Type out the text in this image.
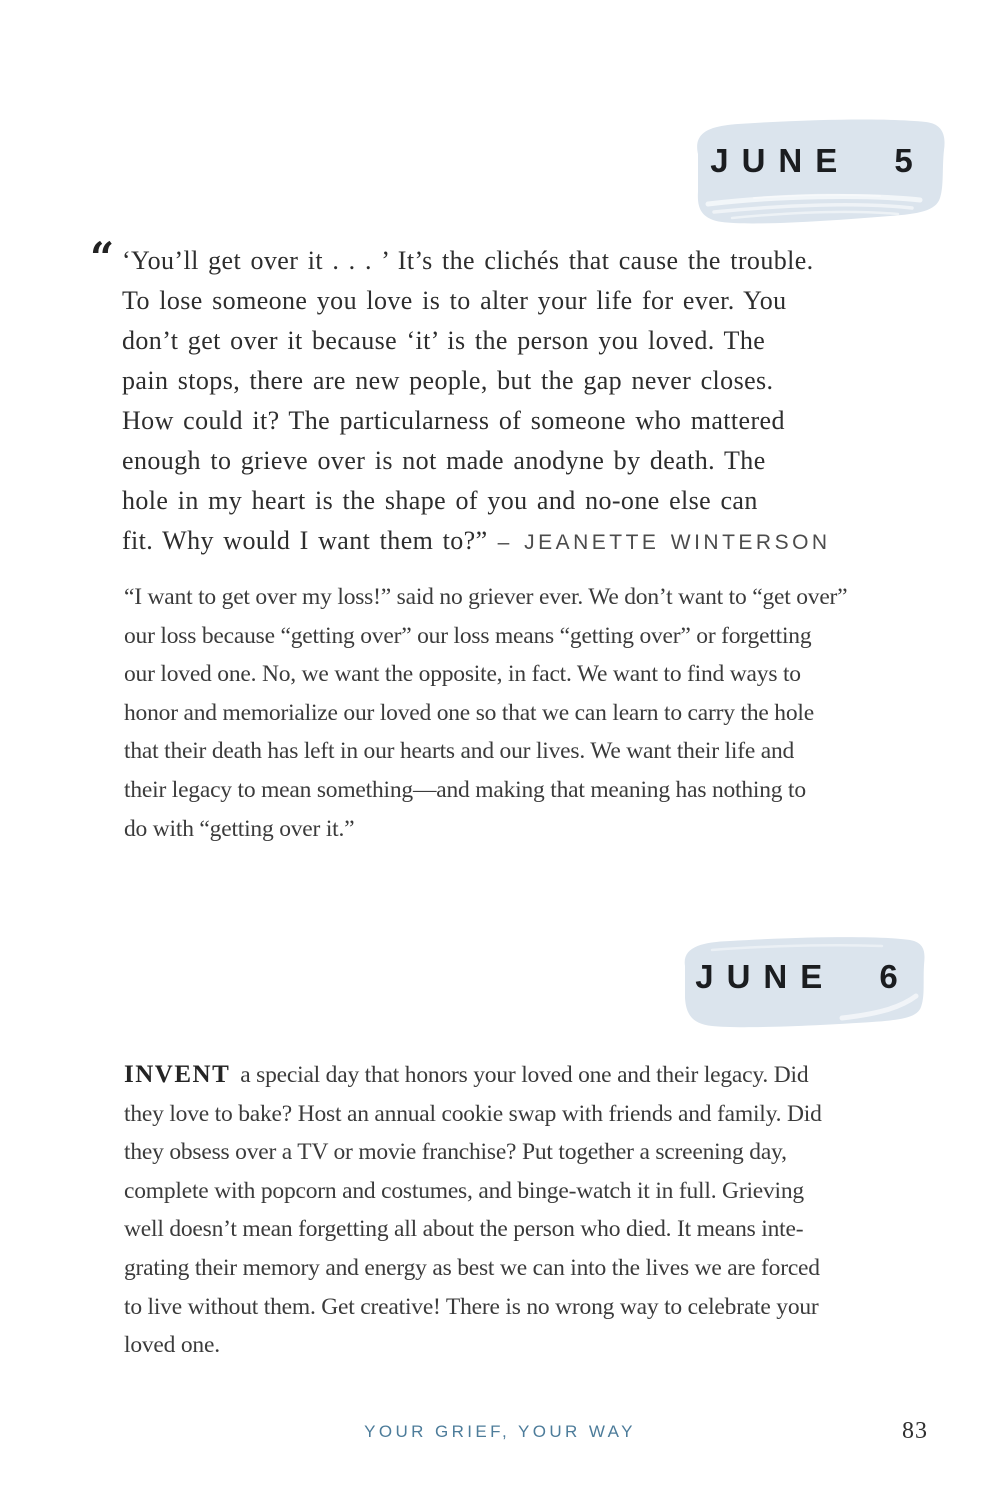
JUNE 5
“ ‘You’ll get over it . . . ’ It’s the clichés that cause the trouble.
To lose someone you love is to alter your life for ever. You
don’t get over it because ‘it’ is the person you loved. The
pain stops, there are new people, but the gap never closes.
How could it? The particularness of someone who mattered
enough to grieve over is not made anodyne by death. The
hole in my heart is the shape of you and no-one else can
fit. Why would I want them to?” – JEANETTE WINTERSON
“I want to get over my loss!” said no griever ever. We don’t want to “get over”
our loss because “getting over” our loss means “getting over” or forgetting
our loved one. No, we want the opposite, in fact. We want to find ways to
honor and memorialize our loved one so that we can learn to carry the hole
that their death has left in our hearts and our lives. We want their life and
their legacy to mean something—and making that meaning has nothing to
do with “getting over it.”
JUNE 6
INVENT a special day that honors your loved one and their legacy. Did
they love to bake? Host an annual cookie swap with friends and family. Did
they obsess over a TV or movie franchise? Put together a screening day,
complete with popcorn and costumes, and binge-watch it in full. Grieving
well doesn’t mean forgetting all about the person who died. It means inte-
grating their memory and energy as best we can into the lives we are forced
to live without them. Get creative! There is no wrong way to celebrate your
loved one.
YOUR GRIEF, YOUR WAY	83
